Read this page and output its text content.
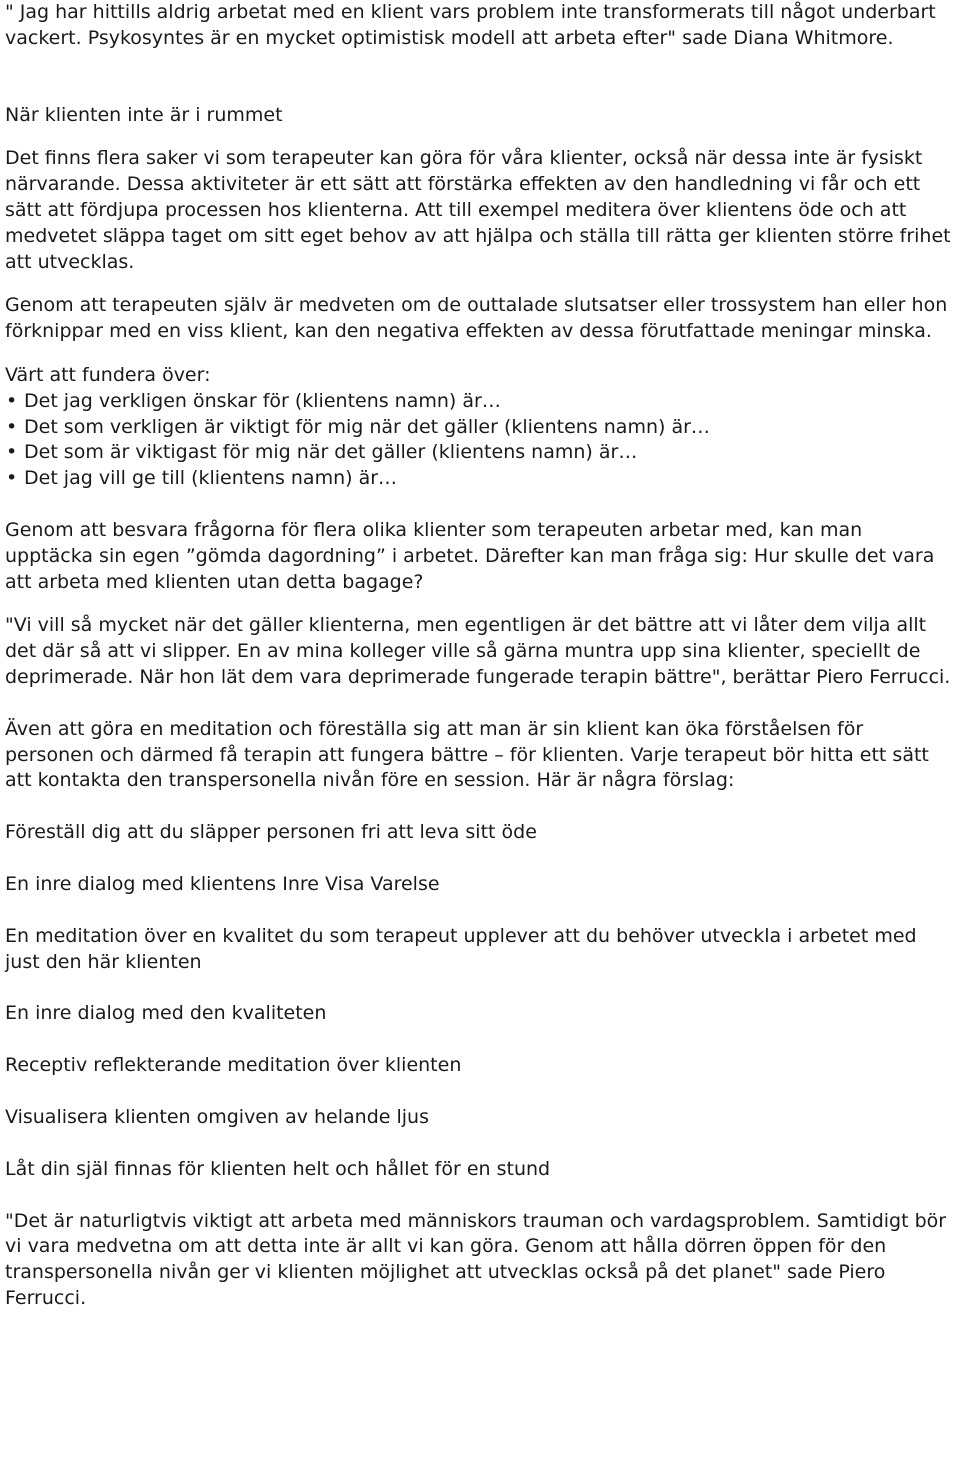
" Jag har hittills aldrig arbetat med en klient vars problem inte transformerats till något underbart vackert. Psykosyntes är en mycket optimistisk modell att arbeta efter" sade Diana Whitmore.

När klienten inte är i rummet

Det finns flera saker vi som terapeuter kan göra för våra klienter, också när dessa inte är fysiskt närvarande. Dessa aktiviteter är ett sätt att förstärka effekten av den handledning vi får och ett sätt att fördjupa processen hos klienterna. Att till exempel meditera över klientens öde och att medvetet släppa taget om sitt eget behov av att hjälpa och ställa till rätta ger klienten större frihet att utvecklas.

Genom att terapeuten själv är medveten om de outtalade slutsatser eller trossystem han eller hon förknippar med en viss klient, kan den negativa effekten av dessa förutfattade meningar minska.

Värt att fundera över:

• Det jag verkligen önskar för (klientens namn) är…
• Det som verkligen är viktigt för mig när det gäller (klientens namn) är…
• Det som är viktigast för mig när det gäller (klientens namn) är…
• Det jag vill ge till (klientens namn) är…

Genom att besvara frågorna för flera olika klienter som terapeuten arbetar med, kan man upptäcka sin egen ”gömda dagordning” i arbetet. Därefter kan man fråga sig: Hur skulle det vara att arbeta med klienten utan detta bagage?

"Vi vill så mycket när det gäller klienterna, men egentligen är det bättre att vi låter dem vilja allt det där så att vi slipper. En av mina kolleger ville så gärna muntra upp sina klienter, speciellt de deprimerade. När hon lät dem vara deprimerade fungerade terapin bättre", berättar Piero Ferrucci.

Även att göra en meditation och föreställa sig att man är sin klient kan öka förståelsen för personen och därmed få terapin att fungera bättre – för klienten. Varje terapeut bör hitta ett sätt att kontakta den transpersonella nivån före en session. Här är några förslag:

Föreställ dig att du släpper personen fri att leva sitt öde

En inre dialog med klientens Inre Visa Varelse

En meditation över en kvalitet du som terapeut upplever att du behöver utveckla i arbetet med just den här klienten

En inre dialog med den kvaliteten

Receptiv reflekterande meditation över klienten

Visualisera klienten omgiven av helande ljus

Låt din själ finnas för klienten helt och hållet för en stund

"Det är naturligtvis viktigt att arbeta med människors trauman och vardagsproblem. Samtidigt bör vi vara medvetna om att detta inte är allt vi kan göra. Genom att hålla dörren öppen för den transpersonella nivån ger vi klienten möjlighet att utvecklas också på det planet" sade Piero Ferrucci.
